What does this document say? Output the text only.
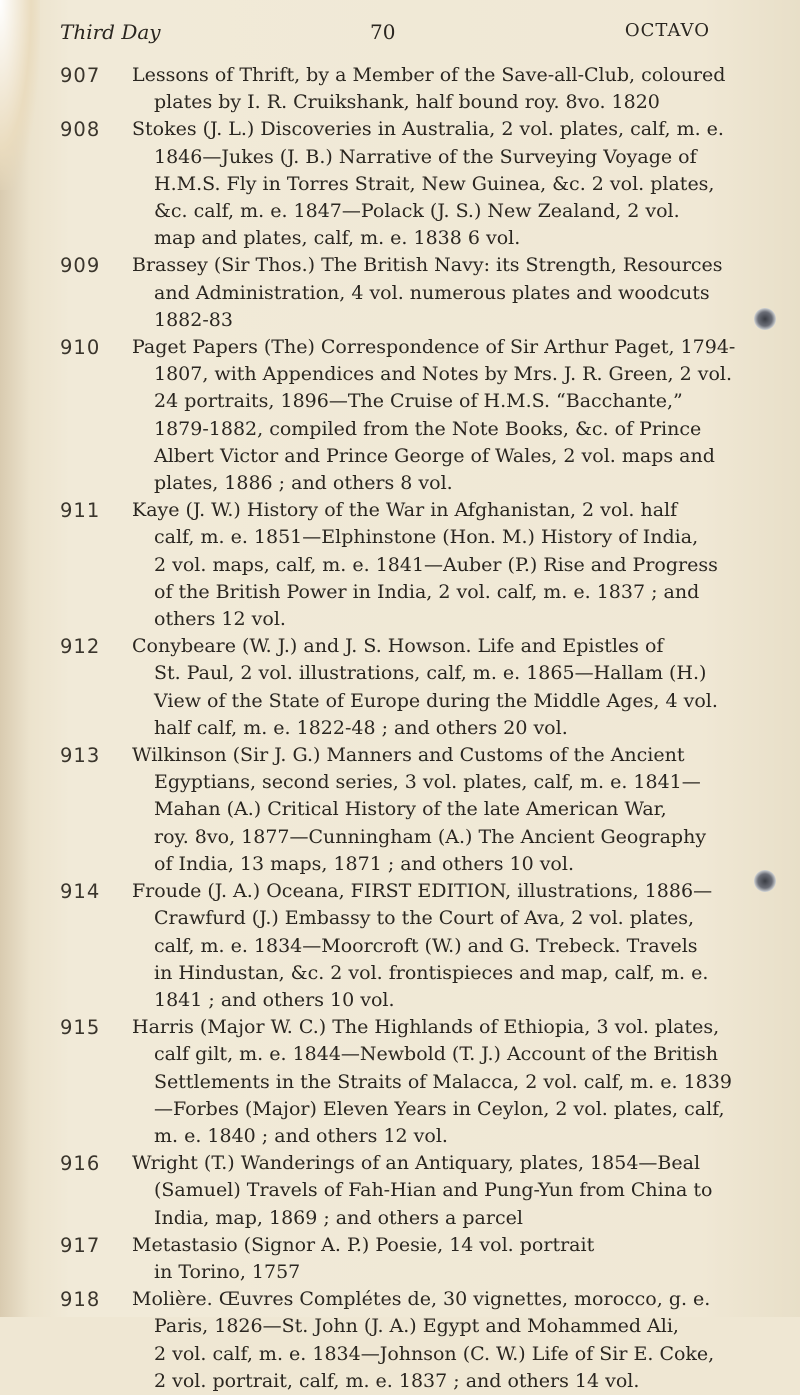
Third Day	70	OCTAVO
907	Lessons of Thrift, by a Member of the Save-all-Club, coloured
plates by I. R. Cruikshank, half bound roy. 8vo. 1820
908	Stokes (J. L.) Discoveries in Australia, 2 vol. plates, calf, m. e.
1846—Jukes (J. B.) Narrative of the Surveying Voyage of
H.M.S. Fly in Torres Strait, New Guinea, &c. 2 vol. plates,
&c. calf, m. e. 1847—Polack (J. S.) New Zealand, 2 vol.
map and plates, calf, m. e. 1838 6 vol.
909	Brassey (Sir Thos.) The British Navy: its Strength, Resources
and Administration, 4 vol. numerous plates and woodcuts
1882-83
910	Paget Papers (The) Correspondence of Sir Arthur Paget, 1794-
1807, with Appendices and Notes by Mrs. J. R. Green, 2 vol.
24 portraits, 1896—The Cruise of H.M.S. “Bacchante,”
1879-1882, compiled from the Note Books, &c. of Prince
Albert Victor and Prince George of Wales, 2 vol. maps and
plates, 1886 ; and others 8 vol.
911	Kaye (J. W.) History of the War in Afghanistan, 2 vol. half
calf, m. e. 1851—Elphinstone (Hon. M.) History of India,
2 vol. maps, calf, m. e. 1841—Auber (P.) Rise and Progress
of the British Power in India, 2 vol. calf, m. e. 1837 ; and
others 12 vol.
912	Conybeare (W. J.) and J. S. Howson. Life and Epistles of
St. Paul, 2 vol. illustrations, calf, m. e. 1865—Hallam (H.)
View of the State of Europe during the Middle Ages, 4 vol.
half calf, m. e. 1822-48 ; and others 20 vol.
913	Wilkinson (Sir J. G.) Manners and Customs of the Ancient
Egyptians, second series, 3 vol. plates, calf, m. e. 1841—
Mahan (A.) Critical History of the late American War,
roy. 8vo, 1877—Cunningham (A.) The Ancient Geography
of India, 13 maps, 1871 ; and others 10 vol.
914	Froude (J. A.) Oceana, FIRST EDITION, illustrations, 1886—
Crawfurd (J.) Embassy to the Court of Ava, 2 vol. plates,
calf, m. e. 1834—Moorcroft (W.) and G. Trebeck. Travels
in Hindustan, &c. 2 vol. frontispieces and map, calf, m. e.
1841 ; and others 10 vol.
915	Harris (Major W. C.) The Highlands of Ethiopia, 3 vol. plates,
calf gilt, m. e. 1844—Newbold (T. J.) Account of the British
Settlements in the Straits of Malacca, 2 vol. calf, m. e. 1839
—Forbes (Major) Eleven Years in Ceylon, 2 vol. plates, calf,
m. e. 1840 ; and others 12 vol.
916	Wright (T.) Wanderings of an Antiquary, plates, 1854—Beal
(Samuel) Travels of Fah-Hian and Pung-Yun from China to
India, map, 1869 ; and others a parcel
917	Metastasio (Signor A. P.) Poesie, 14 vol. portrait
in Torino, 1757
918	Molière. Œuvres Complétes de, 30 vignettes, morocco, g. e.
Paris, 1826—St. John (J. A.) Egypt and Mohammed Ali,
2 vol. calf, m. e. 1834—Johnson (C. W.) Life of Sir E. Coke,
2 vol. portrait, calf, m. e. 1837 ; and others 14 vol.
